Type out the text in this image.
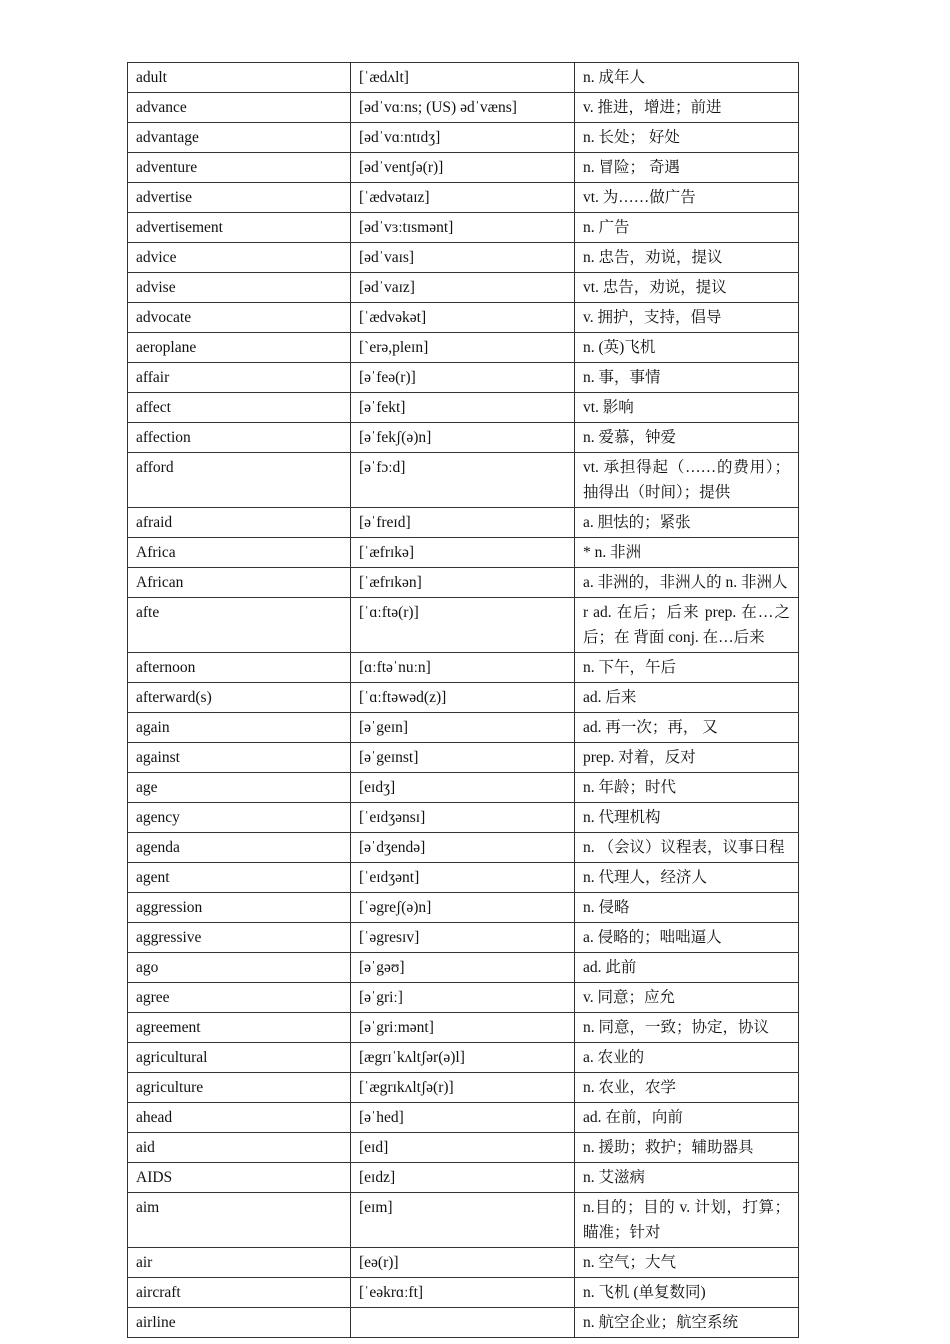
adult	[ˈædʌlt]	n. 成年人
advance	[ədˈvɑːns; (US) ədˈvæns]	v. 推进，增进；前进
advantage	[ədˈvɑːntɪdʒ]	n. 长处； 好处
adventure	[ədˈventʃə(r)]	n. 冒险； 奇遇
advertise	[ˈædvətaɪz]	vt. 为……做广告
advertisement	[ədˈvɜːtɪsmənt]	n. 广告
advice	[ədˈvaɪs]	n. 忠告，劝说，提议
advise	[ədˈvaɪz]	vt. 忠告，劝说，提议
advocate	[ˈædvəkət]	v. 拥护，支持，倡导
aeroplane	[`erə,pleɪn]	n. (英)飞机
affair	[əˈfeə(r)]	n. 事，事情
affect	[əˈfekt]	vt. 影响
affection	[əˈfekʃ(ə)n]	n. 爱慕，钟爱
afford	[əˈfɔːd]	vt. 承担得起（……的费用）；抽得出（时间）；提供
afraid	[əˈfreɪd]	a. 胆怯的；紧张
Africa	[ˈæfrɪkə]	* n. 非洲
African	[ˈæfrɪkən]	a. 非洲的，非洲人的 n. 非洲人
afte	[ˈɑːftə(r)]	r ad. 在后；后来 prep. 在…之后；在 背面 conj. 在…后来
afternoon	[ɑːftəˈnuːn]	n. 下午，午后
afterward(s)	[ˈɑːftəwəd(z)]	ad. 后来
again	[əˈgeɪn]	ad. 再一次；再， 又
against	[əˈgeɪnst]	prep. 对着，反对
age	[eɪdʒ]	n. 年龄；时代
agency	[ˈeɪdʒənsɪ]	n. 代理机构
agenda	[əˈdʒendə]	n. （会议）议程表，议事日程
agent	[ˈeɪdʒənt]	n. 代理人，经济人
aggression	[ˈəgreʃ(ə)n]	n. 侵略
aggressive	[ˈəgresɪv]	a. 侵略的；咄咄逼人
ago	[əˈgəʊ]	ad. 此前
agree	[əˈgriː]	v. 同意；应允
agreement	[əˈgriːmənt]	n. 同意，一致；协定，协议
agricultural	[ægrɪˈkʌltʃər(ə)l]	a. 农业的
agriculture	[ˈægrɪkʌltʃə(r)]	n. 农业，农学
ahead	[əˈhed]	ad. 在前，向前
aid	[eɪd]	n. 援助；救护；辅助器具
AIDS	[eɪdz]	n. 艾滋病
aim	[eɪm]	n.目的；目的 v. 计划，打算；瞄准；针对
air	[eə(r)]	n. 空气；大气
aircraft	[ˈeəkrɑːft]	n. 飞机 (单复数同)
airline		n. 航空企业；航空系统
